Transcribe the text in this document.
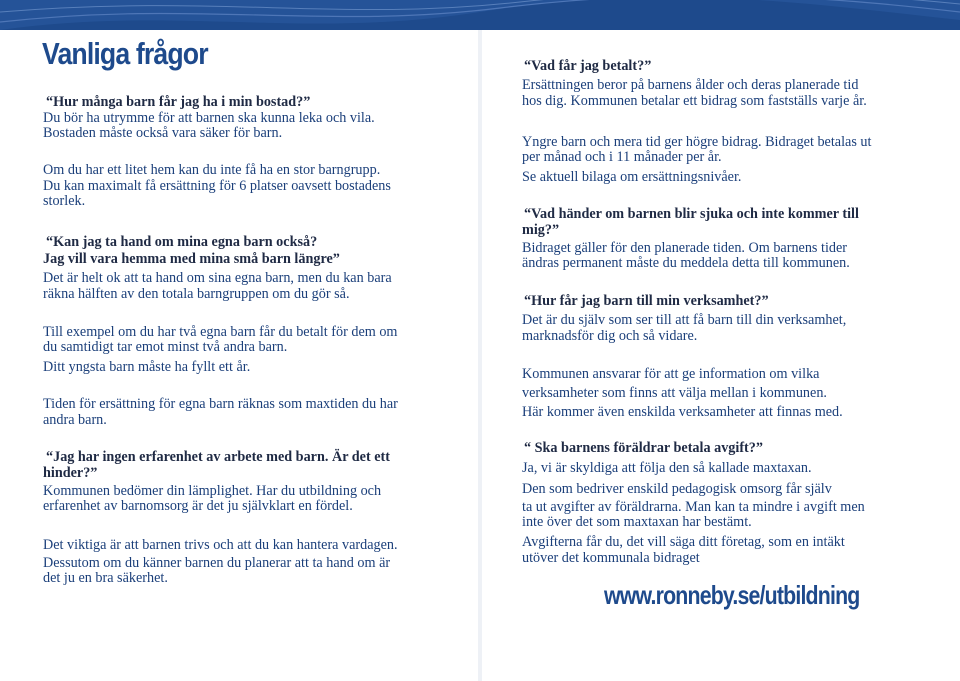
Vanliga frågor

“Hur många barn får jag ha i min bostad?”

Du bör ha utrymme för att barnen ska kunna leka och vila.

Bostaden måste också vara säker för barn.

Om du har ett litet hem kan du inte få ha en stor barngrupp.

Du kan maximalt få ersättning för 6 platser oavsett bostadens

storlek.

“Kan jag ta hand om mina egna barn också?

Jag vill vara hemma med mina små barn längre”

Det är helt ok att ta hand om sina egna barn, men du kan bara

räkna hälften av den totala barngruppen om du gör så.

Till exempel om du har två egna barn får du betalt för dem om

du samtidigt tar emot minst två andra barn.

Ditt yngsta barn måste ha fyllt ett år.

Tiden för ersättning för egna barn räknas som maxtiden du har

andra barn.

“Jag har ingen erfarenhet av arbete med barn. Är det ett

hinder?”

Kommunen bedömer din lämplighet. Har du utbildning och

erfarenhet av barnomsorg är det ju självklart en fördel.

Det viktiga är att barnen trivs och att du kan hantera vardagen.

Dessutom om du känner barnen du planerar att ta hand om är

det ju en bra säkerhet.

“Vad får jag betalt?”

Ersättningen beror på barnens ålder och deras planerade tid

hos dig. Kommunen betalar ett bidrag som fastställs varje år.

Yngre barn och mera tid ger högre bidrag. Bidraget betalas ut

per månad och i 11 månader per år.

Se aktuell bilaga om ersättningsnivåer.

“Vad händer om barnen blir sjuka och inte kommer till

mig?”

Bidraget gäller för den planerade tiden. Om barnens tider

ändras permanent måste du meddela detta till kommunen.

“Hur får jag barn till min verksamhet?”

Det är du själv som ser till att få barn till din verksamhet,

marknadsför dig och så vidare.

Kommunen ansvarar för att ge information om vilka

verksamheter som finns att välja mellan i kommunen.

Här kommer även enskilda verksamheter att finnas med.

“ Ska barnens föräldrar betala avgift?”

Ja, vi är skyldiga att följa den så kallade maxtaxan.

Den som bedriver enskild pedagogisk omsorg får själv

ta ut avgifter av föräldrarna. Man kan ta mindre i avgift men

inte över det som maxtaxan har bestämt.

Avgifterna får du, det vill säga ditt företag, som en intäkt

utöver det kommunala bidraget

www.ronneby.se/utbildning
